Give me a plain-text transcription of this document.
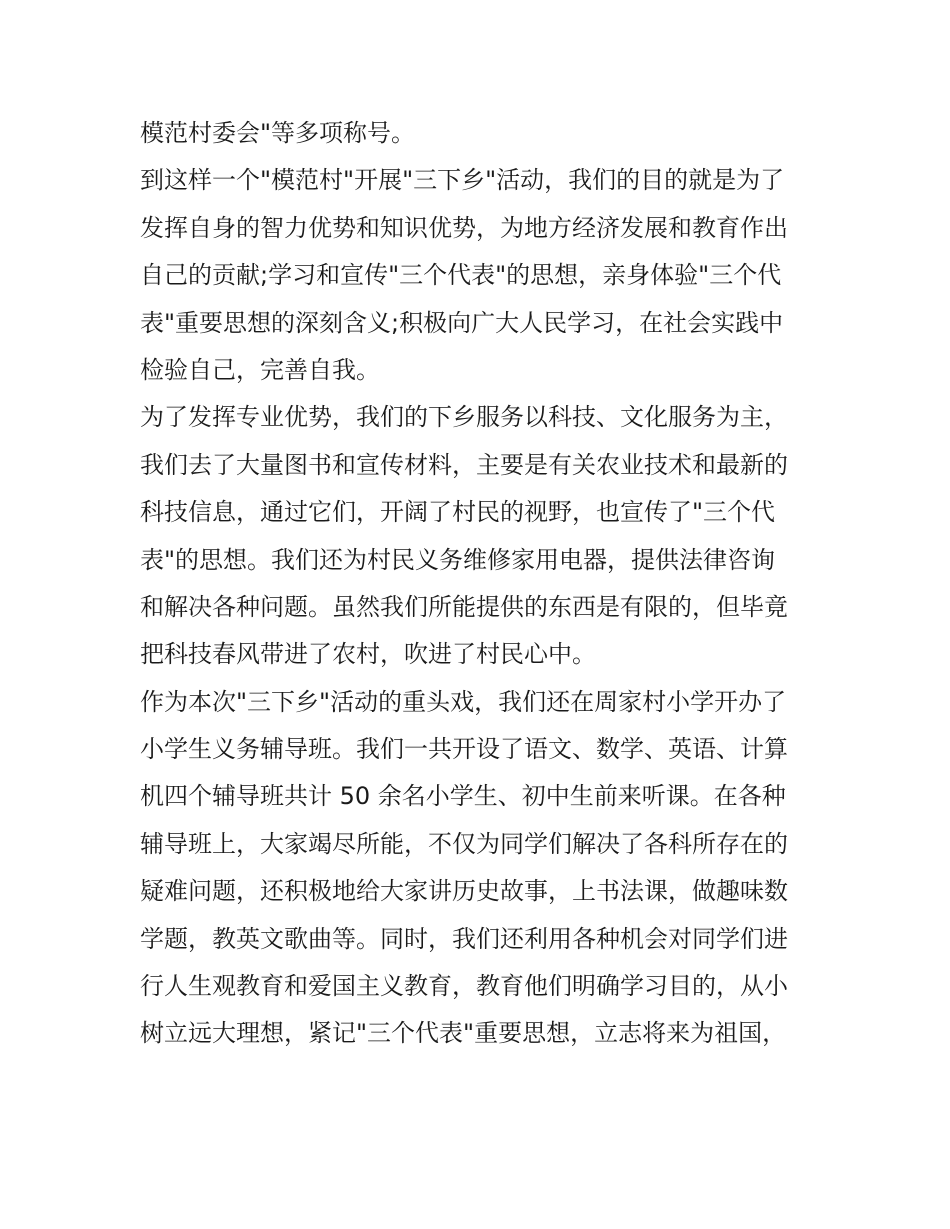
模范村委会"等多项称号。
到这样一个"模范村"开展"三下乡"活动，我们的目的就是为了
发挥自身的智力优势和知识优势，为地方经济发展和教育作出
自己的贡献;学习和宣传"三个代表"的思想，亲身体验"三个代
表"重要思想的深刻含义;积极向广大人民学习，在社会实践中
检验自己，完善自我。
为了发挥专业优势，我们的下乡服务以科技、文化服务为主，
我们去了大量图书和宣传材料，主要是有关农业技术和最新的
科技信息，通过它们，开阔了村民的视野，也宣传了"三个代
表"的思想。我们还为村民义务维修家用电器，提供法律咨询
和解决各种问题。虽然我们所能提供的东西是有限的，但毕竟
把科技春风带进了农村，吹进了村民心中。
作为本次"三下乡"活动的重头戏，我们还在周家村小学开办了
小学生义务辅导班。我们一共开设了语文、数学、英语、计算
机四个辅导班共计 50 余名小学生、初中生前来听课。在各种
辅导班上，大家竭尽所能，不仅为同学们解决了各科所存在的
疑难问题，还积极地给大家讲历史故事，上书法课，做趣味数
学题，教英文歌曲等。同时，我们还利用各种机会对同学们进
行人生观教育和爱国主义教育，教育他们明确学习目的，从小
树立远大理想，紧记"三个代表"重要思想，立志将来为祖国，
